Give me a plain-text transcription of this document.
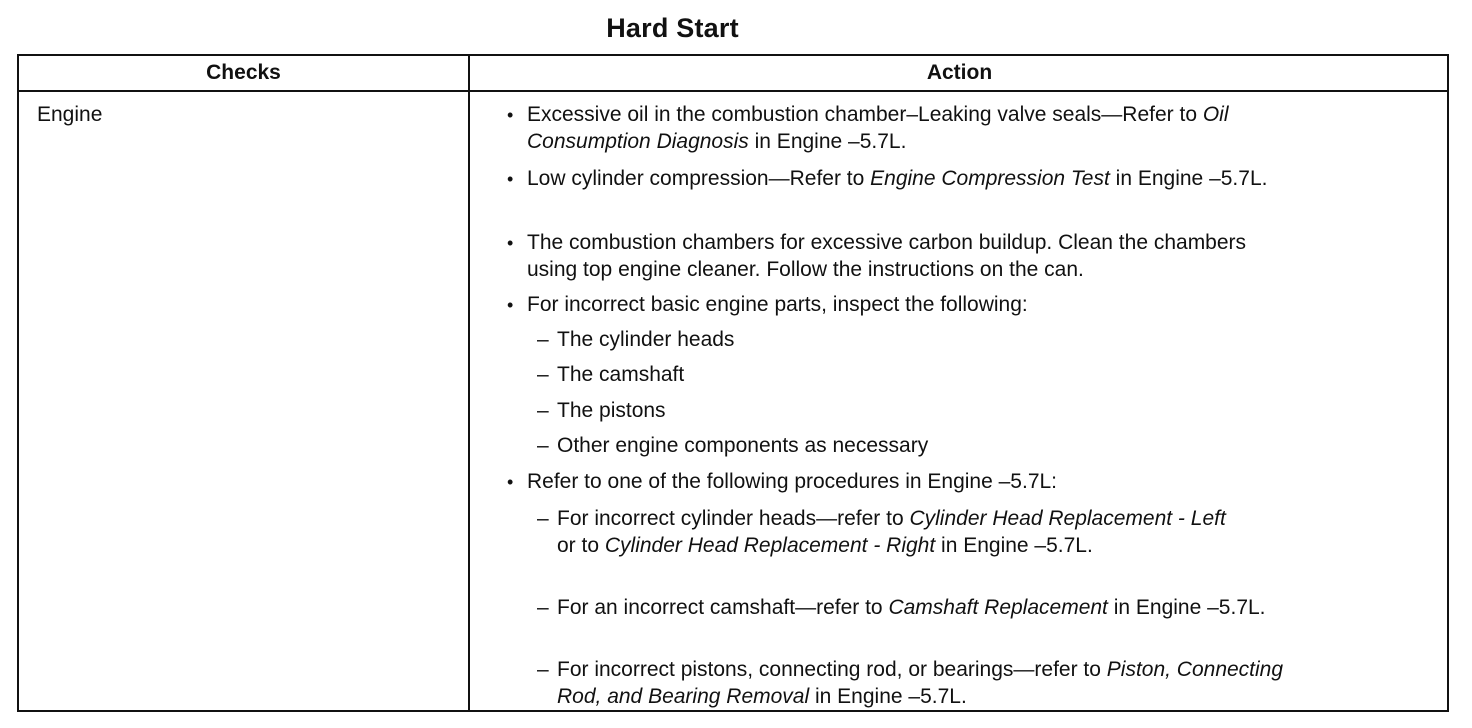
Hard Start
Checks	Action
Engine	• Excessive oil in the combustion chamber–Leaking valve seals—Refer to Oil
Consumption Diagnosis in Engine –5.7L.
• Low cylinder compression—Refer to Engine Compression Test in Engine –5.7L.
• The combustion chambers for excessive carbon buildup. Clean the chambers
using top engine cleaner. Follow the instructions on the can.
• For incorrect basic engine parts, inspect the following:
– The cylinder heads
– The camshaft
– The pistons
– Other engine components as necessary
• Refer to one of the following procedures in Engine –5.7L:
– For incorrect cylinder heads—refer to Cylinder Head Replacement - Left
or to Cylinder Head Replacement - Right in Engine –5.7L.
– For an incorrect camshaft—refer to Camshaft Replacement in Engine –5.7L.
– For incorrect pistons, connecting rod, or bearings—refer to Piston, Connecting
Rod, and Bearing Removal in Engine –5.7L.
